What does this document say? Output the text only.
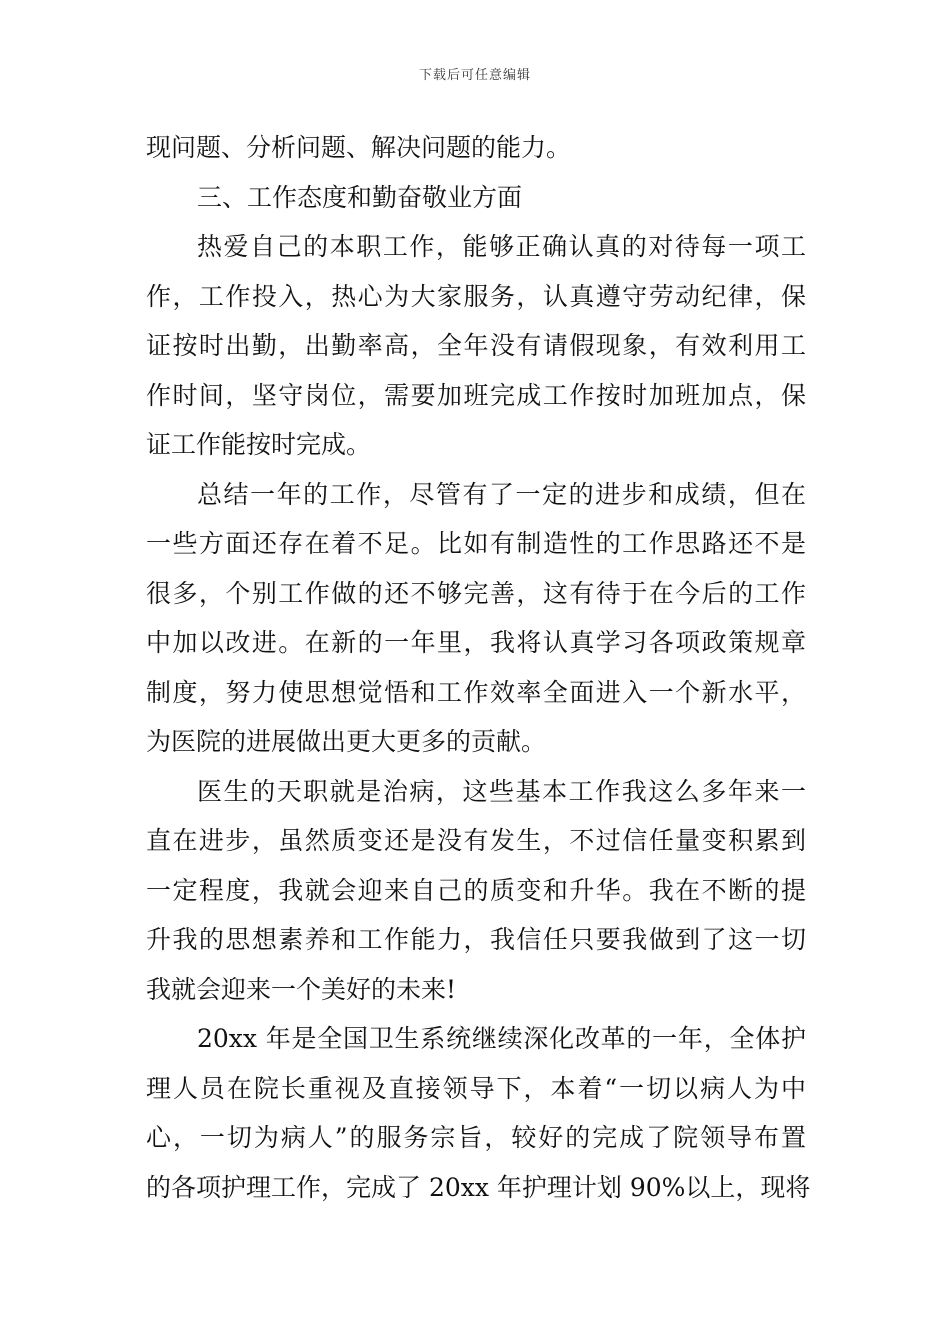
下载后可任意编辑
现问题、分析问题、解决问题的能力。
三、工作态度和勤奋敬业方面
热爱自己的本职工作，能够正确认真的对待每一项工
作，工作投入，热心为大家服务，认真遵守劳动纪律，保
证按时出勤，出勤率高，全年没有请假现象，有效利用工
作时间，坚守岗位，需要加班完成工作按时加班加点，保
证工作能按时完成。
总结一年的工作，尽管有了一定的进步和成绩，但在
一些方面还存在着不足。比如有制造性的工作思路还不是
很多，个别工作做的还不够完善，这有待于在今后的工作
中加以改进。在新的一年里，我将认真学习各项政策规章
制度，努力使思想觉悟和工作效率全面进入一个新水平，
为医院的进展做出更大更多的贡献。
医生的天职就是治病，这些基本工作我这么多年来一
直在进步，虽然质变还是没有发生，不过信任量变积累到
一定程度，我就会迎来自己的质变和升华。我在不断的提
升我的思想素养和工作能力，我信任只要我做到了这一切
我就会迎来一个美好的未来!
20xx 年是全国卫生系统继续深化改革的一年，全体护
理人员在院长重视及直接领导下，本着“一切以病人为中
心，一切为病人”的服务宗旨，较好的完成了院领导布置
的各项护理工作，完成了 20xx 年护理计划 90%以上，现将
